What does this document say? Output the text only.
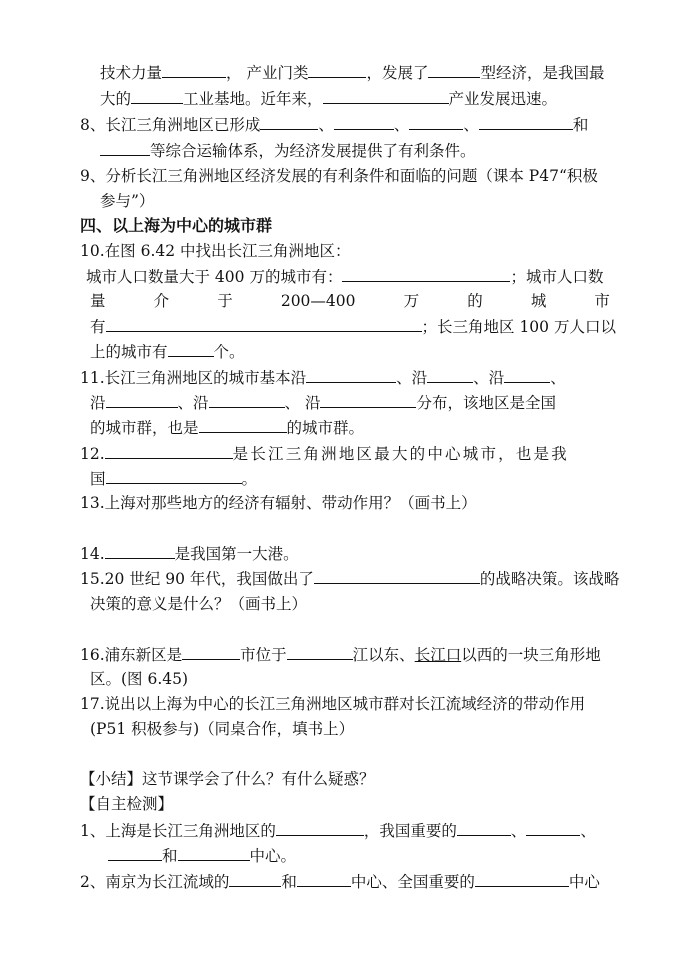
技术力量	， 产业门类	，发展了	型经济，是我国最
大的	工业基地。近年来，	产业发展迅速。
8、长江三角洲地区已形成	、	、	、	和
等综合运输体系，为经济发展提供了有利条件。
9、分析长江三角洲地区经济发展的有利条件和面临的问题（课本 P47“积极
参与”）
四、以上海为中心的城市群
10.在图 6.42 中找出长江三角洲地区：
城市人口数量大于 400 万的城市有：	；城市人口数
量	介	于	200—400	万	的	城	市
有	；长三角地区 100 万人口以
上的城市有	个。
11.长江三角洲地区的城市基本沿	、沿	、沿	、
沿	、沿	、 沿	分布，该地区是全国
的城市群，也是	的城市群。
12.	是长江三角洲地区最大的中心城市，也是我
国	。
13.上海对那些地方的经济有辐射、带动作用？（画书上）
14.	是我国第一大港。
15.20 世纪 90 年代，我国做出了	的战略决策。该战略
决策的意义是什么？（画书上）
16.浦东新区是	市位于	江以东、长江口以西的一块三角形地
区。(图 6.45)
17.说出以上海为中心的长江三角洲地区城市群对长江流域经济的带动作用
(P51 积极参与)（同桌合作，填书上）
【小结】这节课学会了什么？有什么疑惑？
【自主检测】
1、上海是长江三角洲地区的	，我国重要的	、	、
和	中心。
2、南京为长江流域的	和	中心、全国重要的	中心
